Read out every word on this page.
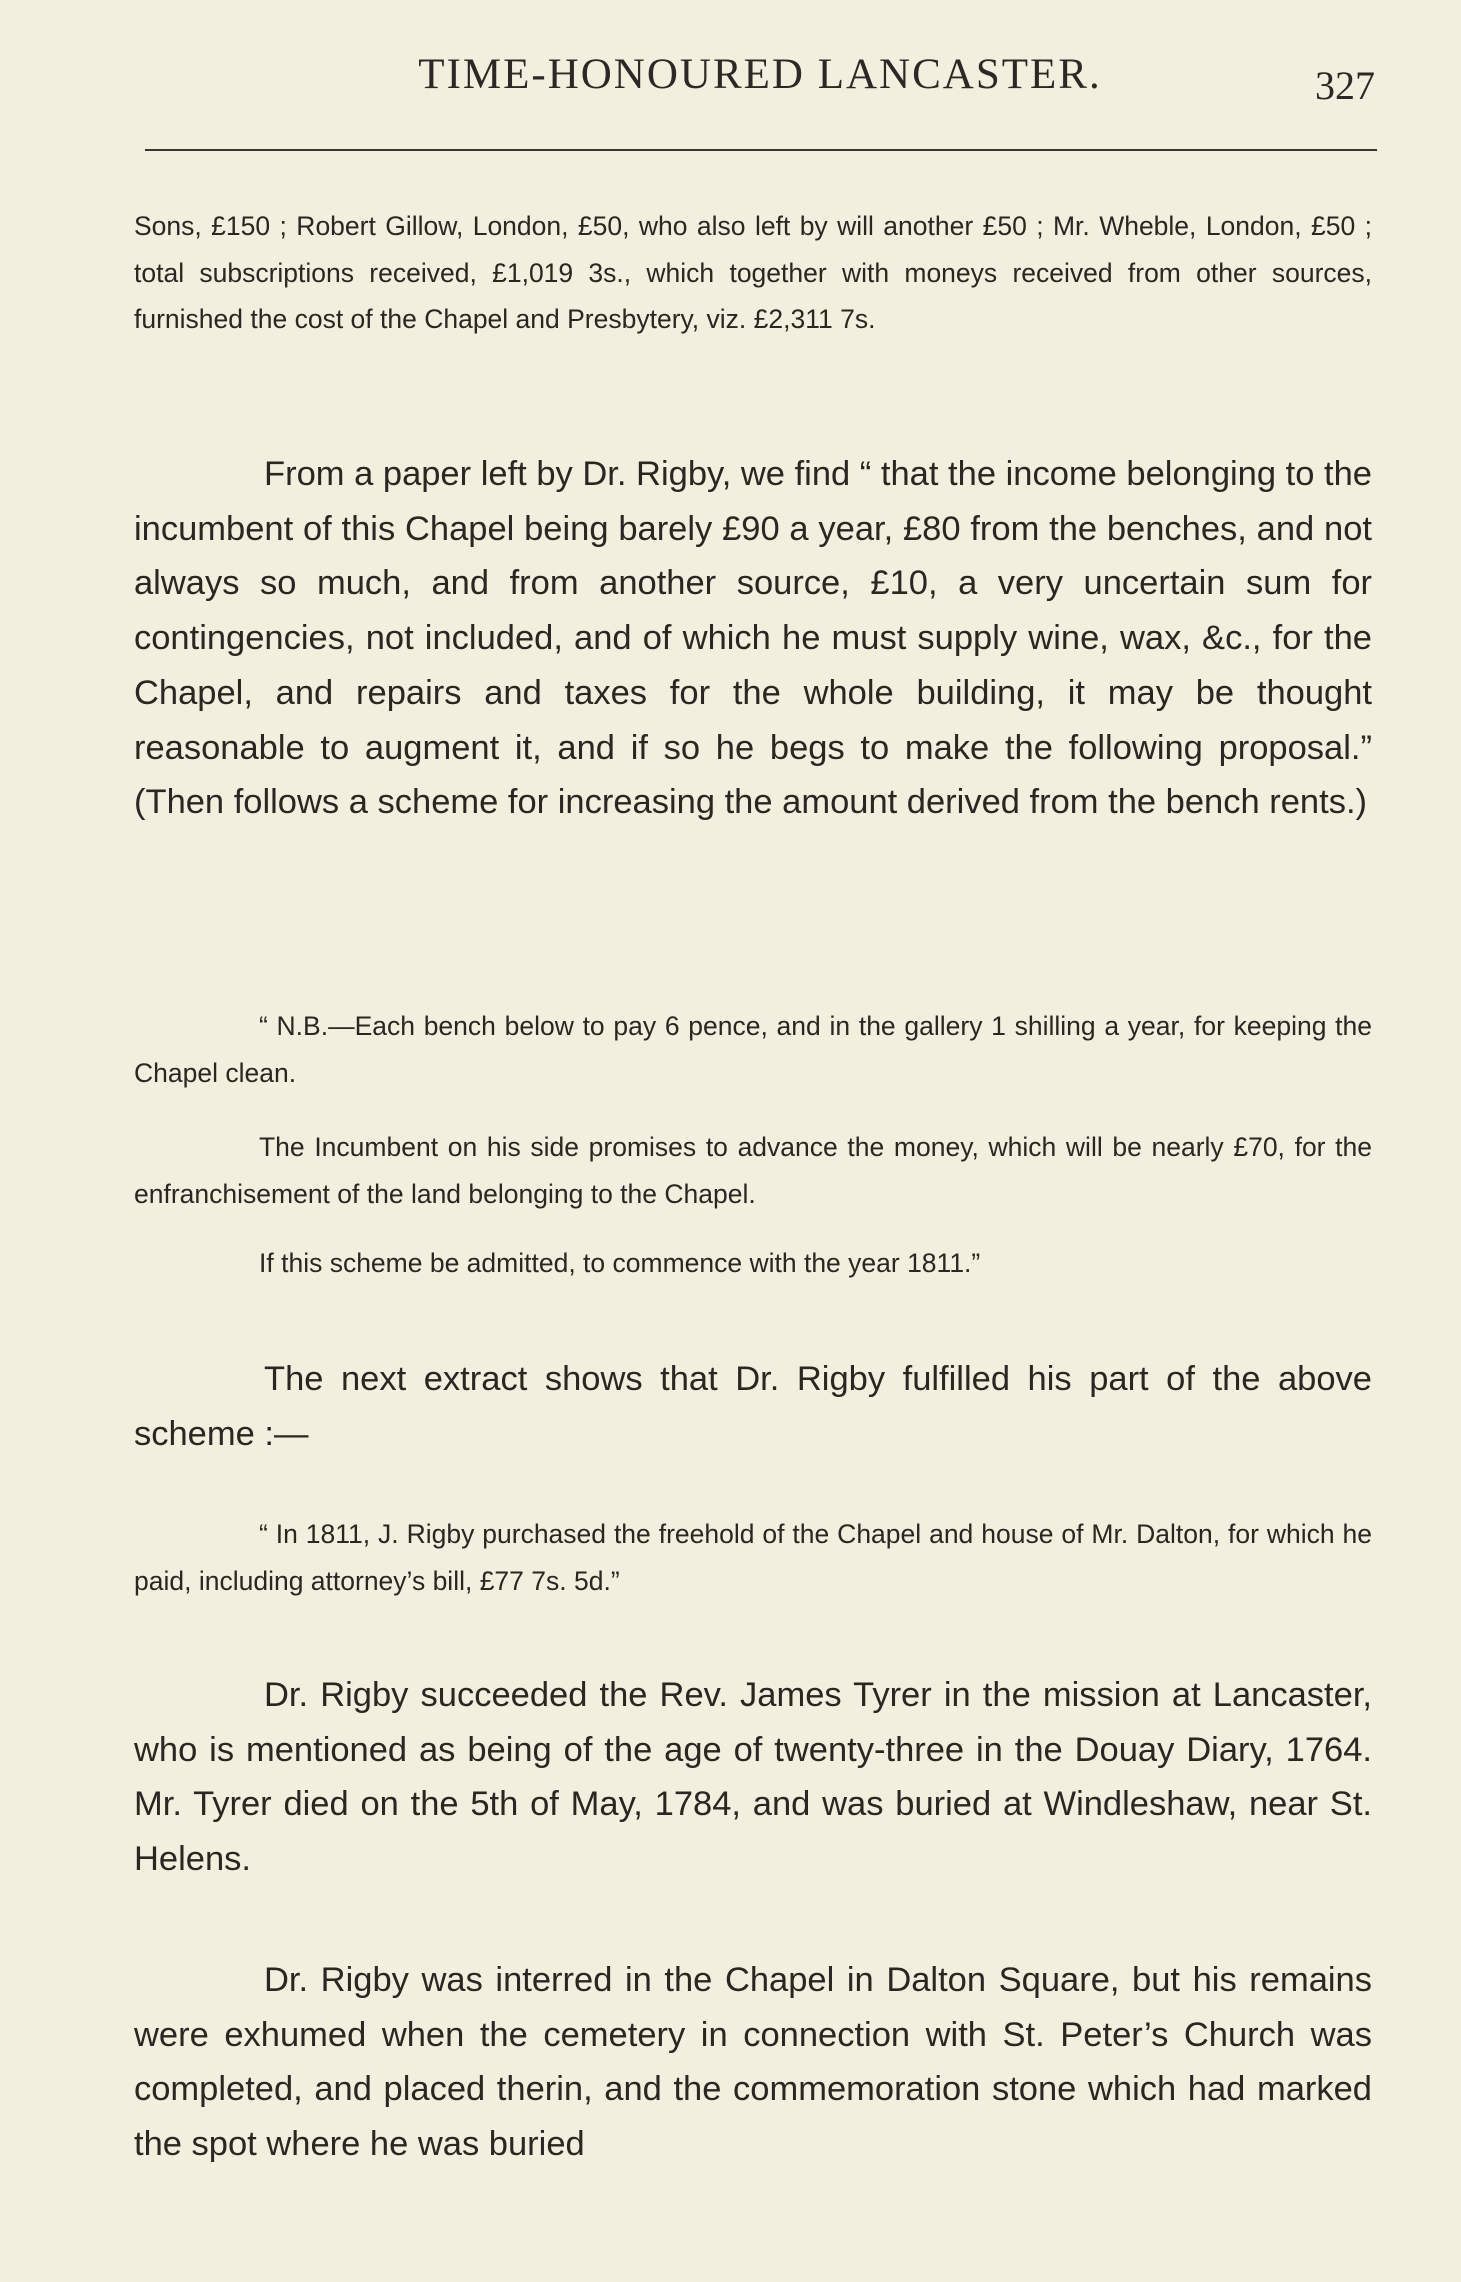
TIME-HONOURED LANCASTER.	327

Sons, £150 ; Robert Gillow, London, £50, who also left by will another £50 ; Mr. Wheble, London, £50 ; total subscriptions received, £1,019 3s., which together with moneys received from other sources, furnished the cost of the Chapel and Presbytery, viz. £2,311 7s.

From a paper left by Dr. Rigby, we find “ that the income belonging to the incumbent of this Chapel being barely £90 a year, £80 from the benches, and not always so much, and from another source, £10, a very uncertain sum for contingencies, not included, and of which he must supply wine, wax, &c., for the Chapel, and repairs and taxes for the whole building, it may be thought reasonable to augment it, and if so he begs to make the following proposal.” (Then follows a scheme for increasing the amount derived from the bench rents.)

“ N.B.—Each bench below to pay 6 pence, and in the gallery 1 shilling a year, for keeping the Chapel clean.

The Incumbent on his side promises to advance the money, which will be nearly £70, for the enfranchisement of the land belonging to the Chapel.

If this scheme be admitted, to commence with the year 1811.”

The next extract shows that Dr. Rigby fulfilled his part of the above scheme :—

“ In 1811, J. Rigby purchased the freehold of the Chapel and house of Mr. Dalton, for which he paid, including attorney’s bill, £77 7s. 5d.”

Dr. Rigby succeeded the Rev. James Tyrer in the mission at Lancaster, who is mentioned as being of the age of twenty-three in the Douay Diary, 1764. Mr. Tyrer died on the 5th of May, 1784, and was buried at Windleshaw, near St. Helens.

Dr. Rigby was interred in the Chapel in Dalton Square, but his remains were exhumed when the cemetery in connection with St. Peter’s Church was completed, and placed therin, and the commemoration stone which had marked the spot where he was buried
